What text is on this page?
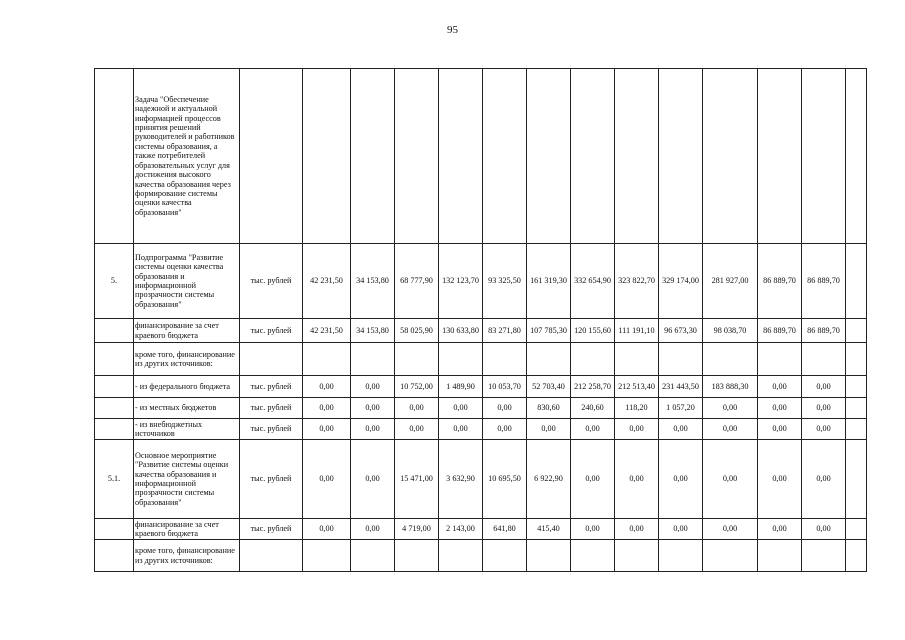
95
	Задача "Обеспечение надежной и актуальной информацией процессов принятия решений руководителей и работников системы образования, а также потребителей образовательных услуг для достижения высокого качества образования через формирование системы оценки качества образования"														
5.	Подпрограмма "Развитие системы оценки качества образования и информационной прозрачности системы образования"	тыс. рублей	42 231,50	34 153,80	68 777,90	132 123,70	93 325,50	161 319,30	332 654,90	323 822,70	329 174,00	281 927,00	86 889,70	86 889,70	
	финансирование за счет краевого бюджета	тыс. рублей	42 231,50	34 153,80	58 025,90	130 633,80	83 271,80	107 785,30	120 155,60	111 191,10	96 673,30	98 038,70	86 889,70	86 889,70	
	кроме того, финансирование из других источников:														
	- из федерального бюджета	тыс. рублей	0,00	0,00	10 752,00	1 489,90	10 053,70	52 703,40	212 258,70	212 513,40	231 443,50	183 888,30	0,00	0,00	
	- из местных бюджетов	тыс. рублей	0,00	0,00	0,00	0,00	0,00	830,60	240,60	118,20	1 057,20	0,00	0,00	0,00	
	- из внебюджетных источников	тыс. рублей	0,00	0,00	0,00	0,00	0,00	0,00	0,00	0,00	0,00	0,00	0,00	0,00	
5.1.	Основное мероприятие "Развитие системы оценки качества образования и информационной прозрачности системы образования"	тыс. рублей	0,00	0,00	15 471,00	3 632,90	10 695,50	6 922,90	0,00	0,00	0,00	0,00	0,00	0,00	
	финансирование за счет краевого бюджета	тыс. рублей	0,00	0,00	4 719,00	2 143,00	641,80	415,40	0,00	0,00	0,00	0,00	0,00	0,00	
	кроме того, финансирование из других источников:														
